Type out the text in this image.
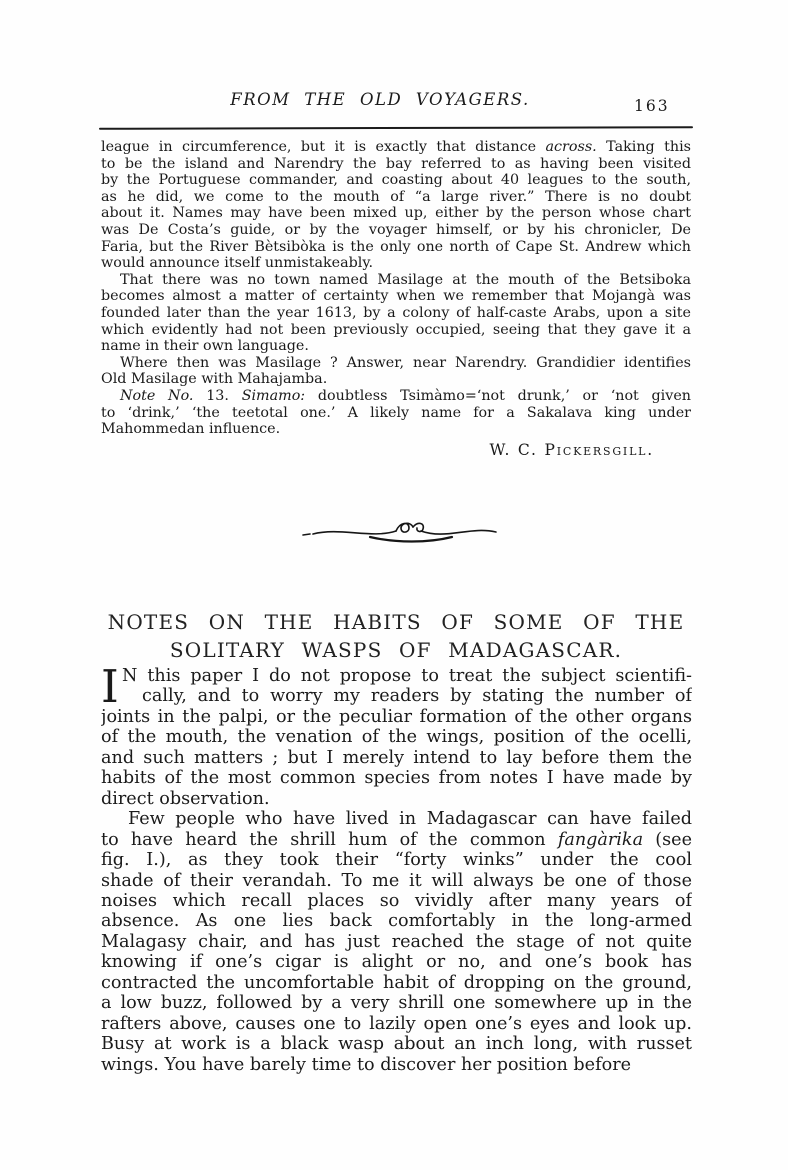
FROM THE OLD VOYAGERS.	163
league in circumference, but it is exactly that distance across. Taking this
to be the island and Narendry the bay referred to as having been visited
by the Portuguese commander, and coasting about 40 leagues to the south,
as he did, we come to the mouth of “a large river.” There is no doubt
about it. Names may have been mixed up, either by the person whose chart
was De Costa’s guide, or by the voyager himself, or by his chronicler, De
Faria, but the River Bètsibòka is the only one north of Cape St. Andrew which
would announce itself unmistakeably.
That there was no town named Masilage at the mouth of the Betsiboka
becomes almost a matter of certainty when we remember that Mojangà was
founded later than the year 1613, by a colony of half-caste Arabs, upon a site
which evidently had not been previously occupied, seeing that they gave it a
name in their own language.
Where then was Masilage ? Answer, near Narendry. Grandidier identifies
Old Masilage with Mahajamba.
Note No. 13. Simamo: doubtless Tsimàmo=‘not drunk,’ or ‘not given
to ‘drink,’ ‘the teetotal one.’ A likely name for a Sakalava king under
Mahommedan influence.
W. C. Pickersgill.
NOTES ON THE HABITS OF SOME OF THE
SOLITARY WASPS OF MADAGASCAR.
I N this paper I do not propose to treat the subject scientifi-
cally, and to worry my readers by stating the number of
joints in the palpi, or the peculiar formation of the other organs
of the mouth, the venation of the wings, position of the ocelli,
and such matters ; but I merely intend to lay before them the
habits of the most common species from notes I have made by
direct observation.
Few people who have lived in Madagascar can have failed
to have heard the shrill hum of the common fangàrika (see
fig. I.), as they took their “forty winks” under the cool
shade of their verandah. To me it will always be one of those
noises which recall places so vividly after many years of
absence. As one lies back comfortably in the long-armed
Malagasy chair, and has just reached the stage of not quite
knowing if one’s cigar is alight or no, and one’s book has
contracted the uncomfortable habit of dropping on the ground,
a low buzz, followed by a very shrill one somewhere up in the
rafters above, causes one to lazily open one’s eyes and look up.
Busy at work is a black wasp about an inch long, with russet
wings. You have barely time to discover her position before
